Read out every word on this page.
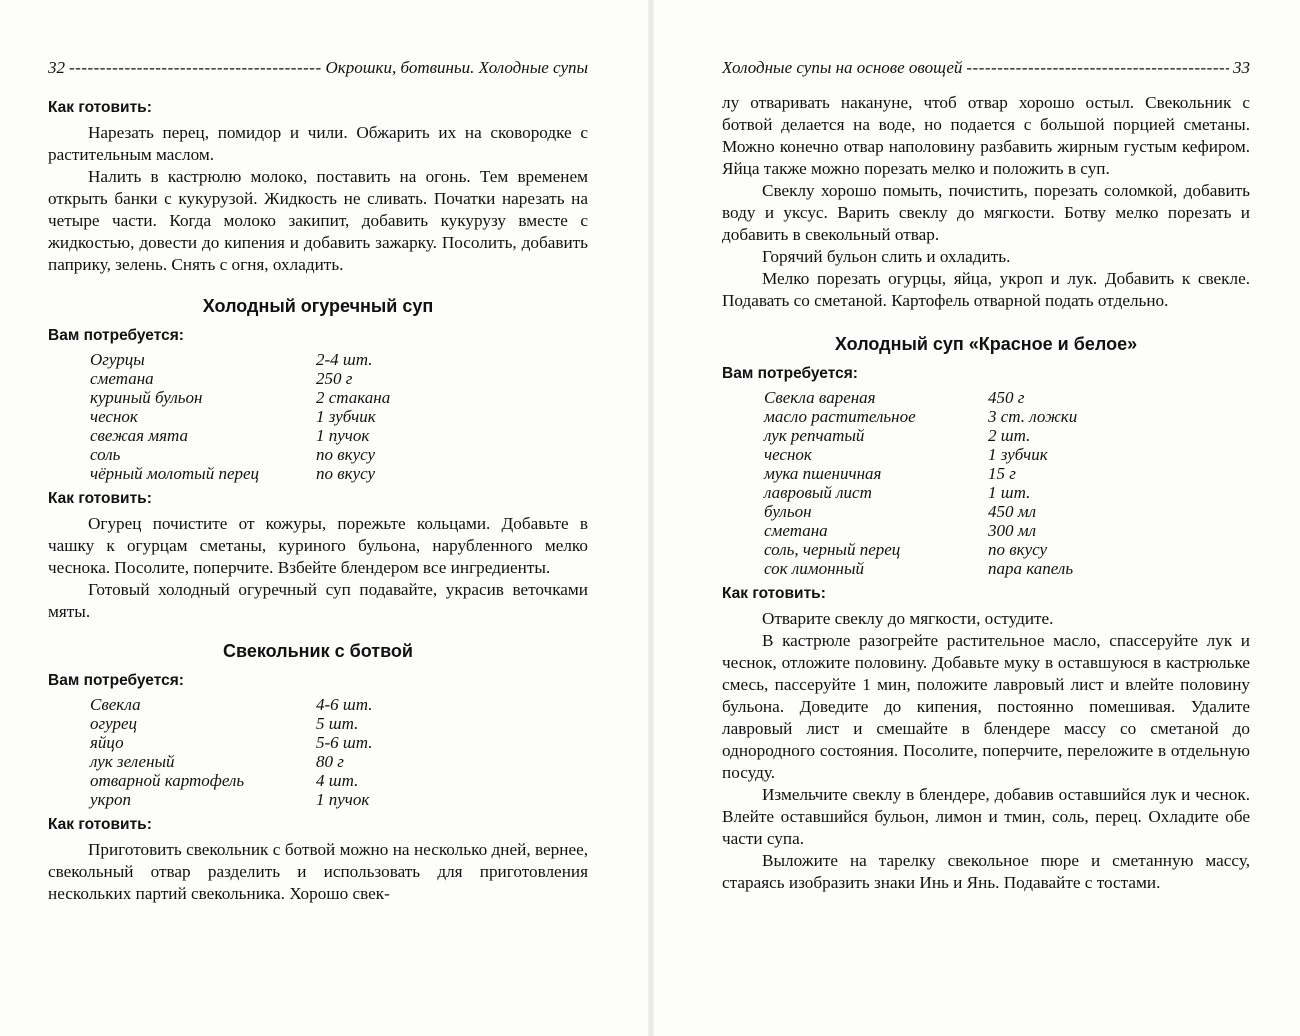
32 -----	Окрошки, ботвиньи. Холодные супы
Как готовить:

Нарезать перец, помидор и чили. Обжарить их на сковородке с растительным маслом.

Налить в кастрюлю молоко, поставить на огонь. Тем временем открыть банки с кукурузой. Жидкость не сливать. Початки нарезать на четыре части. Когда молоко закипит, добавить кукурузу вместе с жидкостью, довести до кипения и добавить зажарку. Посолить, добавить паприку, зелень. Снять с огня, охладить.

Холодный огуречный суп
Вам потребуется:
Огурцы	2-4 шт.
сметана	250 г
куриный бульон	2 стакана
чеснок	1 зубчик
свежая мята	1 пучок
соль	по вкусу
чёрный молотый перец	по вкусу
Как готовить:

Огурец почистите от кожуры, порежьте кольцами. Добавьте в чашку к огурцам сметаны, куриного бульона, нарубленного мелко чеснока. Посолите, поперчите. Взбейте блендером все ингредиенты.

Готовый холодный огуречный суп подавайте, украсив веточками мяты.

Свекольник с ботвой
Вам потребуется:
Свекла	4-6 шт.
огурец	5 шт.
яйцо	5-6 шт.
лук зеленый	80 г
отварной картофель	4 шт.
укроп	1 пучок
Как готовить:

Приготовить свекольник с ботвой можно на несколько дней, вернее, свекольный отвар разделить и использовать для приготовления нескольких партий свекольника. Хорошо свек-

Холодные супы на основе овощей -----	33

лу отваривать накануне, чтоб отвар хорошо остыл. Свекольник с ботвой делается на воде, но подается с большой порцией сметаны. Можно конечно отвар наполовину разбавить жирным густым кефиром. Яйца также можно порезать мелко и положить в суп.

Свеклу хорошо помыть, почистить, порезать соломкой, добавить воду и уксус. Варить свеклу до мягкости. Ботву мелко порезать и добавить в свекольный отвар.

Горячий бульон слить и охладить.

Мелко порезать огурцы, яйца, укроп и лук. Добавить к свекле. Подавать со сметаной. Картофель отварной подать отдельно.

Холодный суп «Красное и белое»
Вам потребуется:
Свекла вареная	450 г
масло растительное	3 ст. ложки
лук репчатый	2 шт.
чеснок	1 зубчик
мука пшеничная	15 г
лавровый лист	1 шт.
бульон	450 мл
сметана	300 мл
соль, черный перец	по вкусу
сок лимонный	пара капель
Как готовить:

Отварите свеклу до мягкости, остудите.

В кастрюле разогрейте растительное масло, спассеруйте лук и чеснок, отложите половину. Добавьте муку в оставшуюся в кастрюльке смесь, пассеруйте 1 мин, положите лавровый лист и влейте половину бульона. Доведите до кипения, постоянно помешивая. Удалите лавровый лист и смешайте в блендере массу со сметаной до однородного состояния. Посолите, поперчите, переложите в отдельную посуду.

Измельчите свеклу в блендере, добавив оставшийся лук и чеснок. Влейте оставшийся бульон, лимон и тмин, соль, перец. Охладите обе части супа.

Выложите на тарелку свекольное пюре и сметанную массу, стараясь изобразить знаки Инь и Янь. Подавайте с тостами.
